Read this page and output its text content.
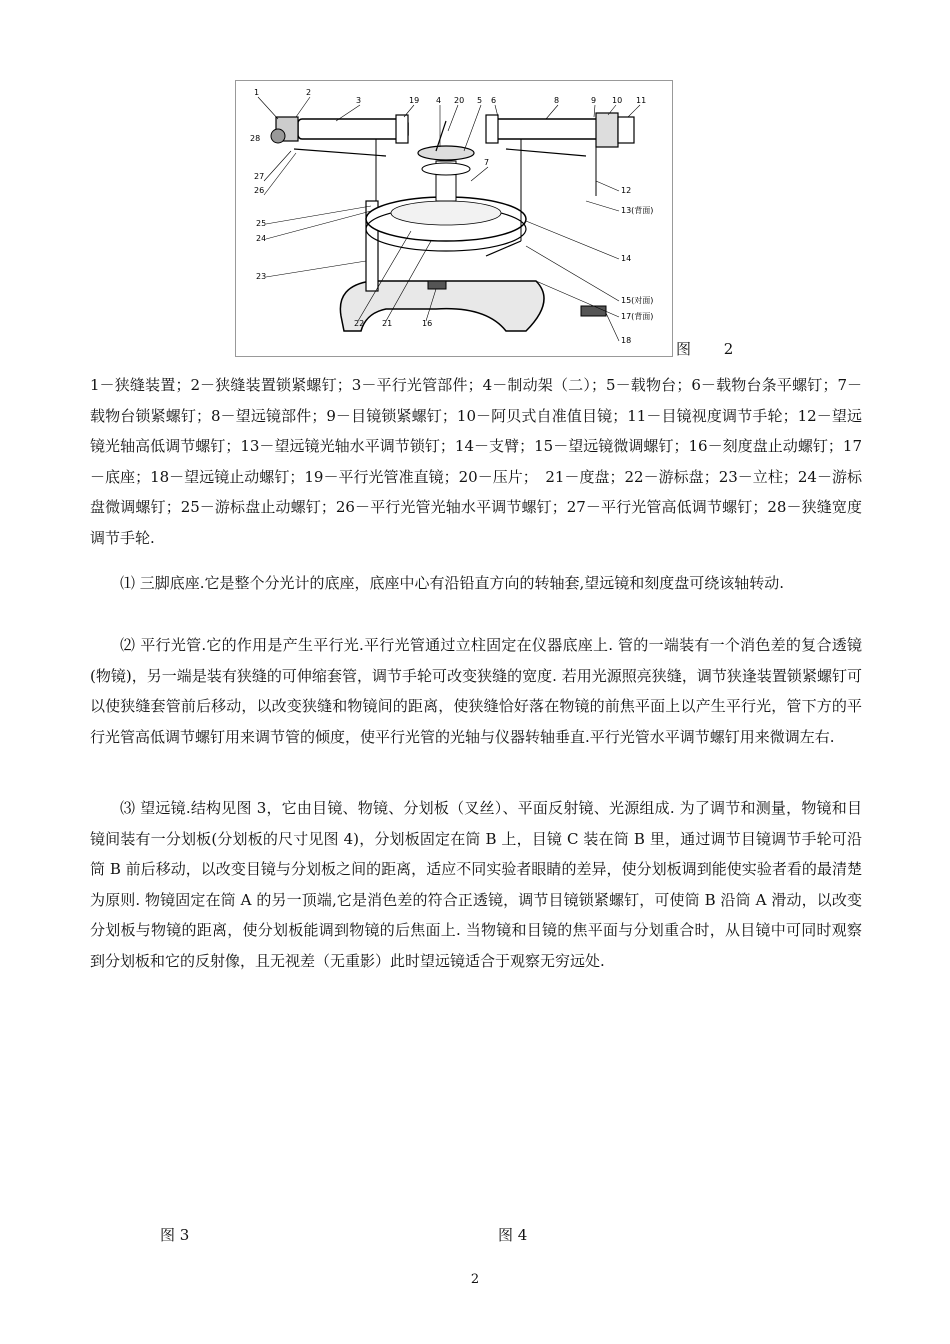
1	2
3	19 4 20 5 6	8	9 10 11
28
27
26
25
24
23
7
12
13(背面)
14
15(对面)
17(背面)
18
22 21	16
图 2
1－狭缝装置；2－狭缝装置锁紧螺钉；3－平行光管部件；4－制动架（二）；5－载物台；6－载物台条平螺钉；7－载物台锁紧螺钉；8－望远镜部件；9－目镜锁紧螺钉；10－阿贝式自准值目镜；11－目镜视度调节手轮；12－望远镜光轴高低调节螺钉；13－望远镜光轴水平调节锁钉；14－支臂；15－望远镜微调螺钉；16－刻度盘止动螺钉；17－底座；18－望远镜止动螺钉；19－平行光管准直镜；20－压片；　21－度盘；22－游标盘；23－立柱；24－游标盘微调螺钉；25－游标盘止动螺钉；26－平行光管光轴水平调节螺钉；27－平行光管高低调节螺钉；28－狭缝宽度调节手轮.

⑴ 三脚底座.它是整个分光计的底座，底座中心有沿铅直方向的转轴套,望远镜和刻度盘可绕该轴转动.

⑵ 平行光管.它的作用是产生平行光.平行光管通过立柱固定在仪器底座上. 管的一端装有一个消色差的复合透镜(物镜)，另一端是装有狭缝的可伸缩套管，调节手轮可改变狭缝的宽度. 若用光源照亮狭缝，调节狭逢装置锁紧螺钉可以使狭缝套管前后移动，以改变狭缝和物镜间的距离，使狭缝恰好落在物镜的前焦平面上以产生平行光，管下方的平行光管高低调节螺钉用来调节管的倾度，使平行光管的光轴与仪器转轴垂直.平行光管水平调节螺钉用来微调左右.

⑶ 望远镜.结构见图 3，它由目镜、物镜、分划板（叉丝）、平面反射镜、光源组成. 为了调节和测量，物镜和目镜间装有一分划板(分划板的尺寸见图 4)，分划板固定在筒 B 上，目镜 C 装在筒 B 里，通过调节目镜调节手轮可沿筒 B 前后移动，以改变目镜与分划板之间的距离，适应不同实验者眼睛的差异，使分划板调到能使实验者看的最清楚为原则. 物镜固定在筒 A 的另一顶端,它是消色差的符合正透镜，调节目镜锁紧螺钉，可使筒 B 沿筒 A 滑动，以改变分划板与物镜的距离，使分划板能调到物镜的后焦面上. 当物镜和目镜的焦平面与分划重合时，从目镜中可同时观察到分划板和它的反射像，且无视差（无重影）此时望远镜适合于观察无穷远处.

图 3	图 4
2
